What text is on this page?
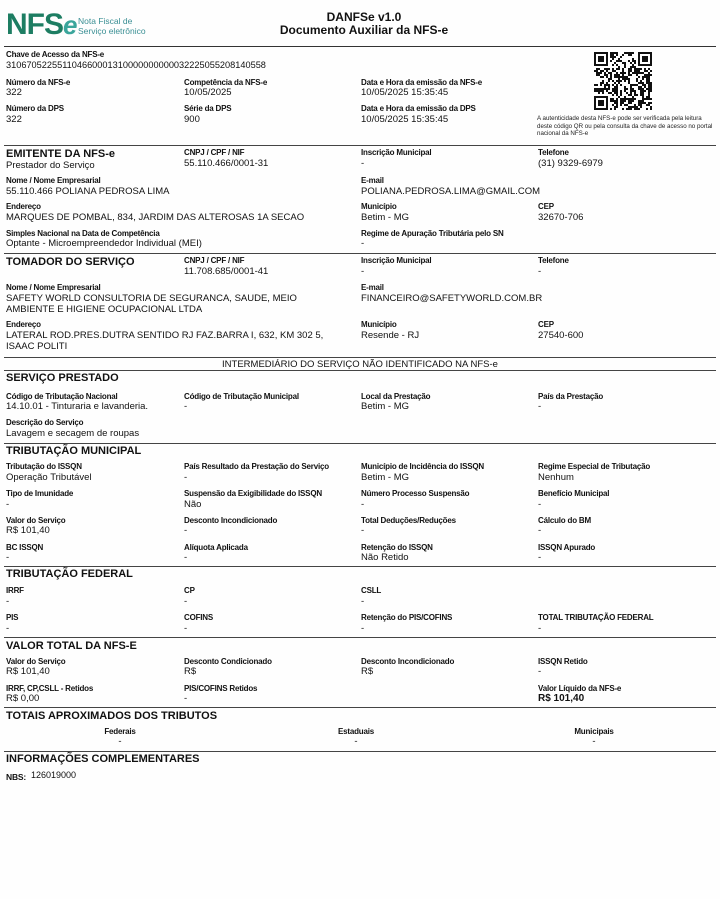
NFSe Nota Fiscal de
Serviço eletrônico
DANFSe v1.0
Documento Auxiliar da NFS-e
Chave de Acesso da NFS-e
31067052255110466000131000000000003222505520814055​8
Número da NFS-e
322
Competência da NFS-e
10/05/2025
Data e Hora da emissão da NFS-e
10/05/2025 15:35:45
Número da DPS
322
Série da DPS
900
Data e Hora da emissão da DPS
10/05/2025 15:35:45	A autenticidade desta NFS-e pode ser verificada pela leitura deste código QR ou pela consulta da chave de acesso no portal nacional da NFS-e
EMITENTE DA NFS-e
Prestador do Serviço
CNPJ / CPF / NIF
55.110.466/0001-31
Inscrição Municipal
-
Telefone
(31) 9329-6979
Nome / Nome Empresarial
55.110.466 POLIANA PEDROSA LIMA
E-mail
POLIANA.PEDROSA.LIMA@GMAIL.COM
Endereço
MARQUES DE POMBAL, 834, JARDIM DAS ALTEROSAS 1A SECAO
Município
Betim - MG
CEP
32670-706
Simples Nacional na Data de Competência
Optante - Microempreendedor Individual (MEI)
Regime de Apuração Tributária pelo SN
-
TOMADOR DO SERVIÇO	CNPJ / CPF / NIF
11.708.685/0001-41
Inscrição Municipal
-
Telefone
-
Nome / Nome Empresarial
SAFETY WORLD CONSULTORIA DE SEGURANCA, SAUDE, MEIO
AMBIENTE E HIGIENE OCUPACIONAL LTDA
E-mail
FINANCEIRO@SAFETYWORLD.COM.BR
Endereço
LATERAL ROD.PRES.DUTRA SENTIDO RJ FAZ.BARRA I, 632, KM 302 5,
ISAAC POLITI
Município
Resende - RJ
CEP
27540-600
INTERMEDIÁRIO DO SERVIÇO NÃO IDENTIFICADO NA NFS-e
SERVIÇO PRESTADO
Código de Tributação Nacional
14.10.01 - Tinturaria e lavanderia.
Código de Tributação Municipal
-
Local da Prestação
Betim - MG
País da Prestação
-
Descrição do Serviço
Lavagem e secagem de roupas
TRIBUTAÇÃO MUNICIPAL
Tributação do ISSQN
Operação Tributável
País Resultado da Prestação do Serviço
-
Município de Incidência do ISSQN
Betim - MG
Regime Especial de Tributação
Nenhum
Tipo de Imunidade
-
Suspensão da Exigibilidade do ISSQN
Não
Número Processo Suspensão
-
Benefício Municipal
-
Valor do Serviço
R$ 101,40
Desconto Incondicionado
-
Total Deduções/Reduções
-
Cálculo do BM
-
BC ISSQN
-
Alíquota Aplicada
-
Retenção do ISSQN
Não Retido
ISSQN Apurado
-
TRIBUTAÇÃO FEDERAL
IRRF
-
CP
-
CSLL
-
PIS
-
COFINS
-
Retenção do PIS/COFINS
-
TOTAL TRIBUTAÇÃO FEDERAL
-
VALOR TOTAL DA NFS-E
Valor do Serviço
R$ 101,40
Desconto Condicionado
R$
Desconto Incondicionado
R$
ISSQN Retido
-
IRRF, CP,CSLL - Retidos
R$ 0,00
PIS/COFINS Retidos
-
Valor Líquido da NFS-e
R$ 101,40
TOTAIS APROXIMADOS DOS TRIBUTOS
Federais
-
Estaduais
-
Municipais
-
INFORMAÇÕES COMPLEMENTARES
NBS: 126019000
